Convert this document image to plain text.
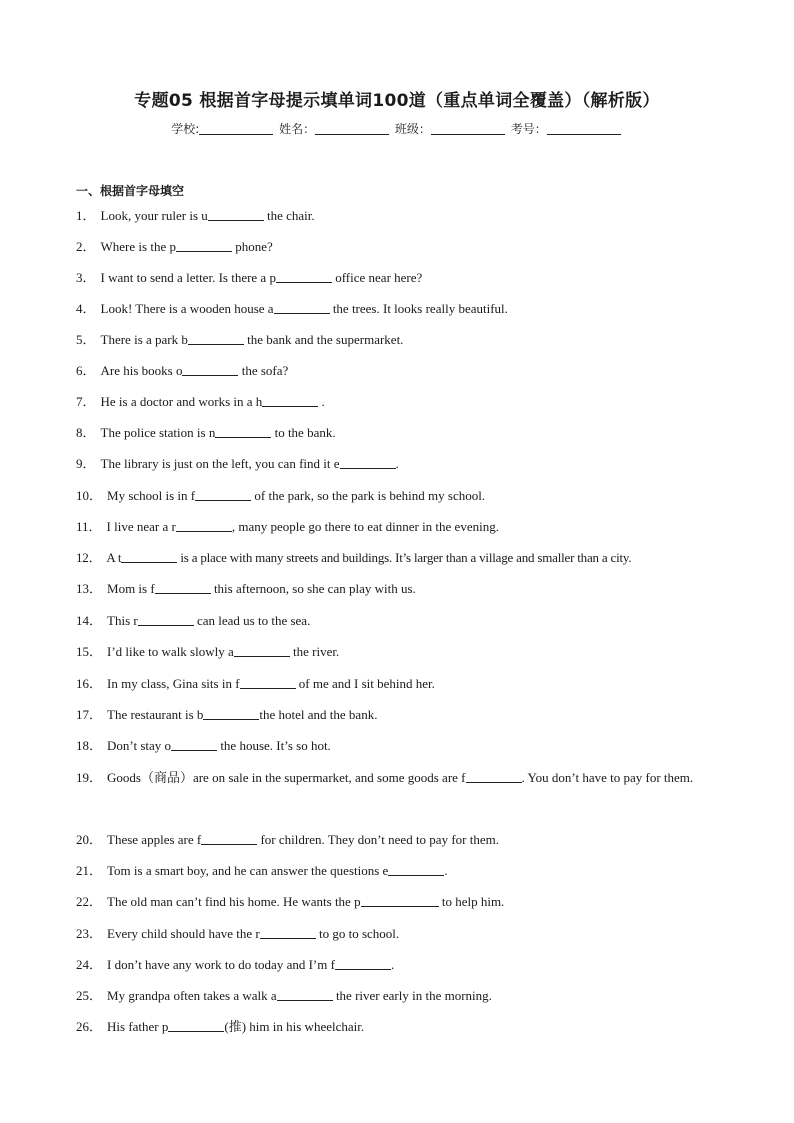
专题05 根据首字母提示填单词100道（重点单词全覆盖）（解析版）
学校:	姓名：	班级：	考号：
一、根据首字母填空
1． Look, your ruler is u	the chair.
2． Where is the p	phone?
3． I want to send a letter. Is there a p	office near here?
4． Look! There is a wooden house a	the trees. It looks really beautiful.
5． There is a park b	the bank and the supermarket.
6． Are his books o	the sofa?
7． He is a doctor and works in a h	.
8． The police station is n	to the bank.
9． The library is just on the left, you can find it e	.
10． My school is in f	of the park, so the park is behind my school.
11． I live near a r	, many people go there to eat dinner in the evening.
12． A t	is a place with many streets and buildings. It’s larger than a village and smaller than a city.
13． Mom is f	this afternoon, so she can play with us.
14． This r	can lead us to the sea.
15． I’d like to walk slowly a	the river.
16． In my class, Gina sits in f	of me and I sit behind her.
17． The restaurant is b	the hotel and the bank.
18． Don’t stay o	the house. It’s so hot.
19． Goods（商品）are on sale in the supermarket, and some goods are f	. You don’t have to pay for them.
20． These apples are f	for children. They don’t need to pay for them.
21． Tom is a smart boy, and he can answer the questions e	.
22． The old man can’t find his home. He wants the p	to help him.
23． Every child should have the r	to go to school.
24． I don’t have any work to do today and I’m f	.
25． My grandpa often takes a walk a	the river early in the morning.
26． His father p	(推) him in his wheelchair.
